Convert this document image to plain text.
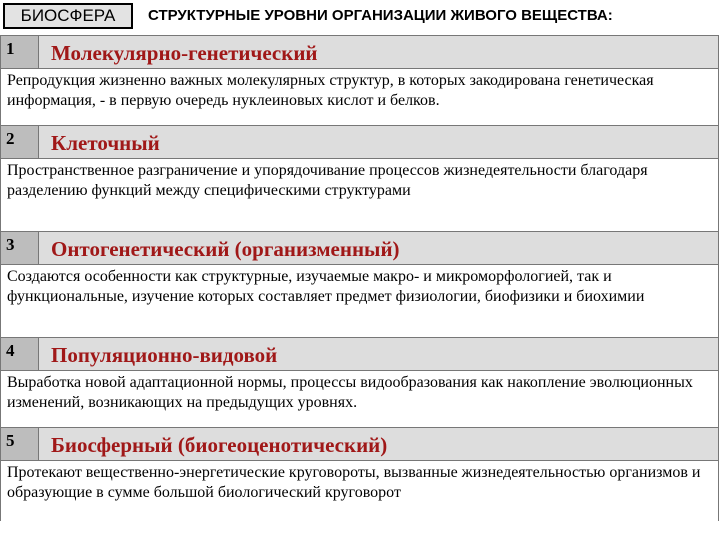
БИОСФЕРА	СТРУКТУРНЫЕ УРОВНИ ОРГАНИЗАЦИИ ЖИВОГО ВЕЩЕСТВА:
1	Молекулярно-генетический
Репродукция жизненно важных молекулярных структур, в которых закодирована генетическая информация, - в первую очередь нуклеиновых кислот и белков.
2	Клеточный
Пространственное разграничение и упорядочивание процессов жизнедеятельности благодаря разделению функций между специфическими структурами
3	Онтогенетический (организменный)
Создаются особенности как структурные, изучаемые макро- и микроморфологией, так и функциональные, изучение которых составляет предмет физиологии, биофизики и биохимии
4	Популяционно-видовой
Выработка новой адаптационной нормы, процессы видообразования как накопление эволюционных изменений, возникающих на предыдущих уровнях.
5	Биосферный (биогеоценотический)
Протекают вещественно-энергетические круговороты, вызванные жизнедеятельностью организмов и образующие в сумме большой биологический круговорот
